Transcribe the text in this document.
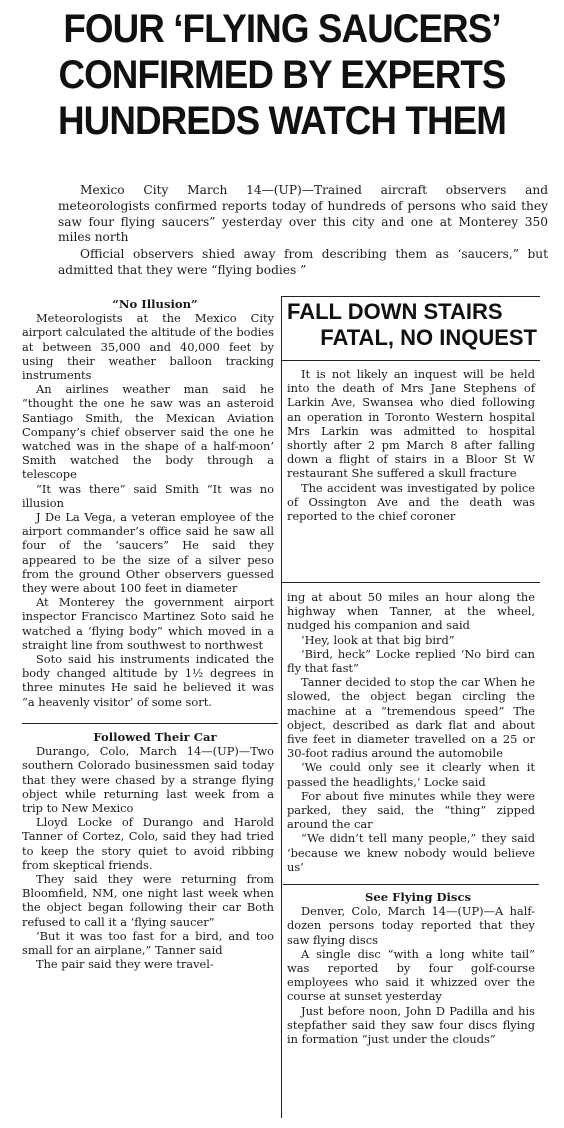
FOUR ‘FLYING SAUCERS’
CONFIRMED BY EXPERTS
HUNDREDS WATCH THEM

Mexico City March 14—(UP)—Trained aircraft observers and meteorologists confirmed reports today of hundreds of persons who said they saw four flying saucers” yesterday over this city and one at Monterey 350 miles north

Official observers shied away from describing them as ‘saucers,” but admitted that they were “flying bodies ”

“No Illusion”

Meteorologists at the Mexico City airport calculated the altitude of the bodies at between 35,000 and 40,000 feet by using their weather balloon tracking instruments

An airlines weather man said he “thought the one he saw was an asteroid Santiago Smith, the Mexican Aviation Company’s chief observer said the one he watched was in the shape of a half-moon’ Smith watched the body through a telescope

“It was there” said Smith “It was no illusion

J De La Vega, a veteran employee of the airport commander’s office said he saw all four of the ‘saucers” He said they appeared to be the size of a silver peso from the ground Other observers guessed they were about 100 feet in diameter

At Monterey the government airport inspector Francisco Martinez Soto said he watched a ‘flying body” which moved in a straight line from southwest to northwest

Soto said his instruments indicated the body changed altitude by 1½ degrees in three minutes He said he believed it was “a heavenly visitor’ of some sort.

Followed Their Car

Durango, Colo, March 14—(UP)—Two southern Colorado businessmen said today that they were chased by a strange flying object while returning last week from a trip to New Mexico

Lloyd Locke of Durango and Harold Tanner of Cortez, Colo, said they had tried to keep the story quiet to avoid ribbing from skeptical friends.

They said they were returning from Bloomfield, NM, one night last week when the object began following their car Both refused to call it a ‘flying saucer”

‘But it was too fast for a bird, and too small for an airplane,” Tanner said

The pair said they were travel-

FALL DOWN STAIRS
FATAL, NO INQUEST

It is not likely an inquest will be held into the death of Mrs Jane Stephens of Larkin Ave, Swansea who died following an operation in Toronto Western hospital Mrs Larkin was admitted to hospital shortly after 2 pm March 8 after falling down a flight of stairs in a Bloor St W restaurant She suffered a skull fracture

The accident was investigated by police of Ossington Ave and the death was reported to the chief coroner

ing at about 50 miles an hour along the highway when Tanner, at the wheel, nudged his companion and said

‘Hey, look at that big bird”

‘Bird, heck” Locke replied ‘No bird can fly that fast”

Tanner decided to stop the car When he slowed, the object began circling the machine at a “tremendous speed” The object, described as dark flat and about five feet in diameter travelled on a 25 or 30-foot radius around the automobile

‘We could only see it clearly when it passed the headlights,’ Locke said

For about five minutes while they were parked, they said, the “thing” zipped around the car

“We didn’t tell many people,” they said ‘because we knew nobody would believe us’

See Flying Discs

Denver, Colo, March 14—(UP)—A half-dozen persons today reported that they saw flying discs

A single disc “with a long white tail” was reported by four golf-course employees who said it whizzed over the course at sunset yesterday

Just before noon, John D Padilla and his stepfather said they saw four discs flying in formation “just under the clouds”
